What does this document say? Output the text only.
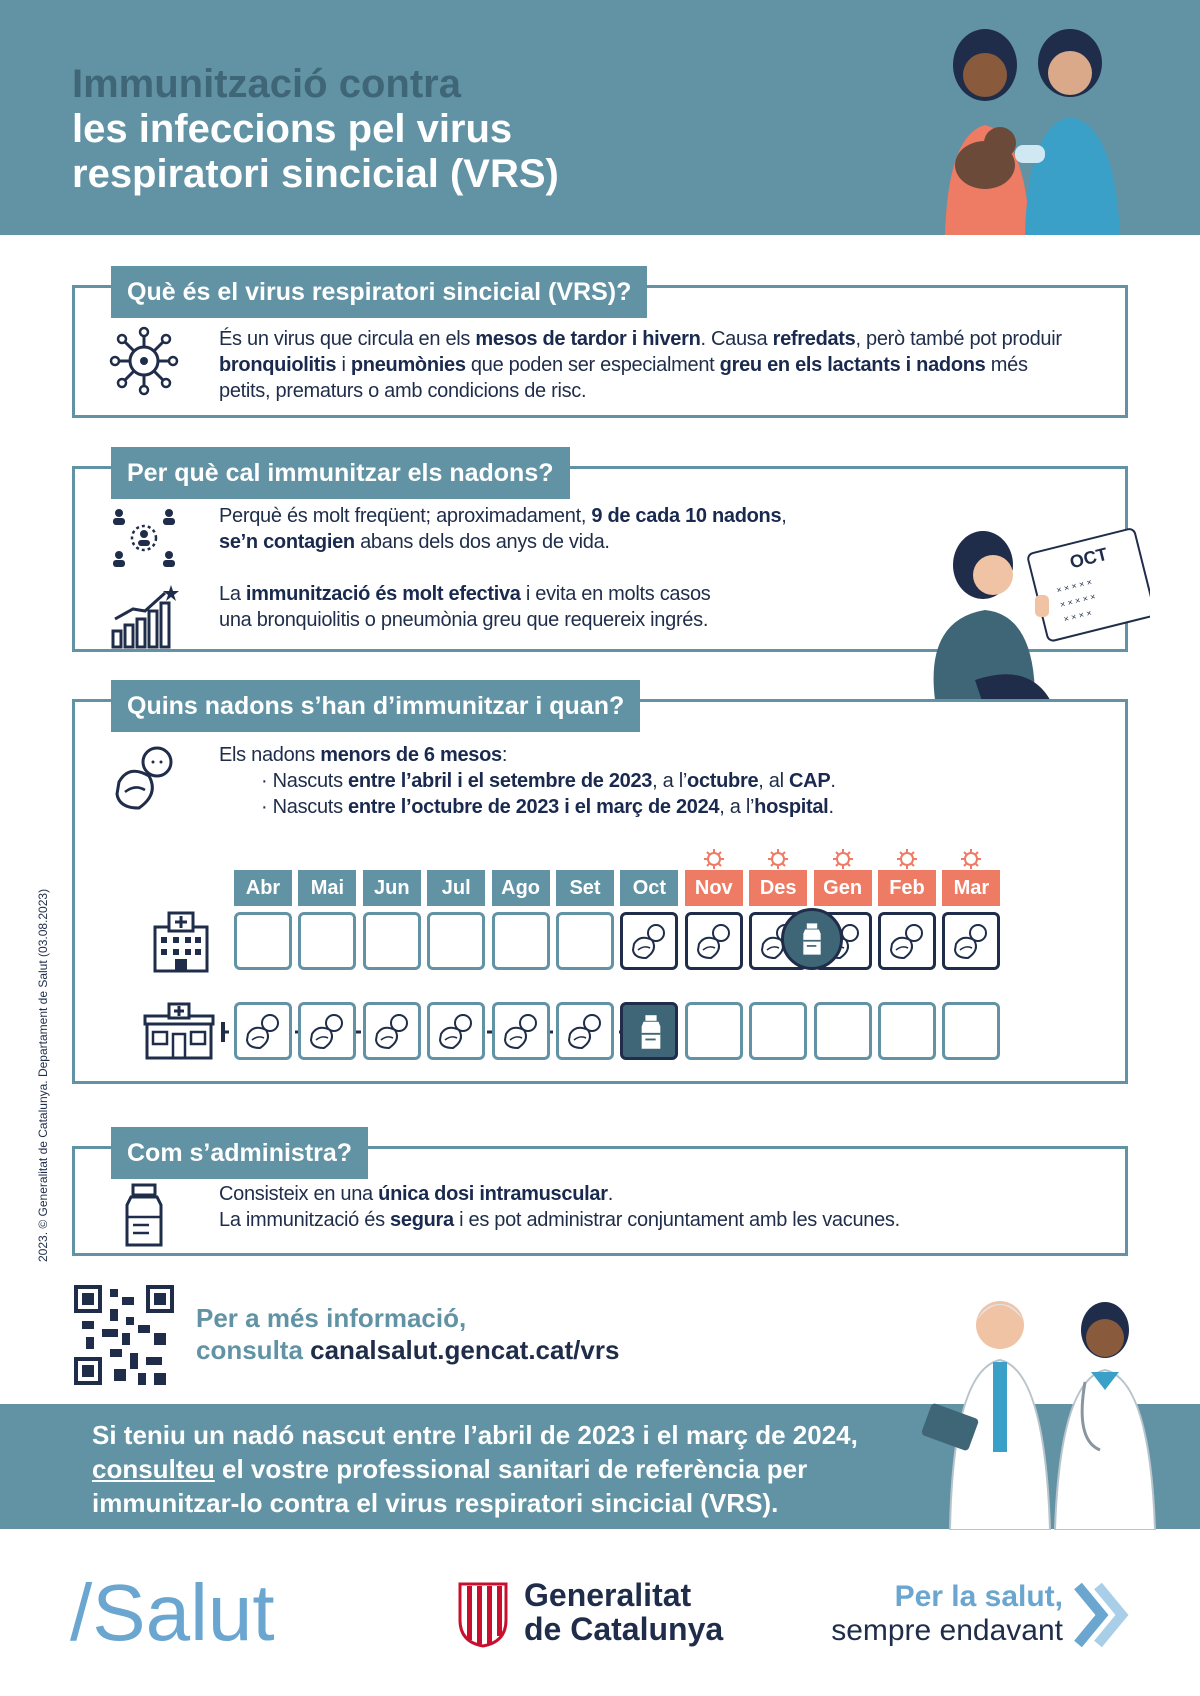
Immunització contra
les infeccions pel virus
respiratori sincicial (VRS)
Què és el virus respiratori sincicial (VRS)?
És un virus que circula en els mesos de tardor i hivern. Causa refredats, però també pot produir bronquiolitis i pneumònies que poden ser especialment greu en els lactants i nadons més petits, prematurs o amb condicions de risc.
Per què cal immunitzar els nadons?
Perquè és molt freqüent; aproximadament, 9 de cada 10 nadons,
se’n contagien abans dels dos anys de vida.
La immunització és molt efectiva i evita en molts casos
una bronquiolitis o pneumònia greu que requereix ingrés.
× × × × ×
× × × × ×
× × × ×
OCT
Quins nadons s’han d’immunitzar i quan?
Els nadons menors de 6 mesos:
· Nascuts entre l’abril i el setembre de 2023, a l’octubre, al CAP.
· Nascuts entre l’octubre de 2023 i el març de 2024, a l’hospital.
Abr	Mai	Jun	Jul	Ago	Set	Oct	Nov	Des	Gen	Feb	Mar
Com s’administra?
Consisteix en una única dosi intramuscular.
La immunització és segura i es pot administrar conjuntament amb les vacunes.
Per a més informació,
consulta canalsalut.gencat.cat/vrs
Si teniu un nadó nascut entre l’abril de 2023 i el març de 2024, consulteu el vostre professional sanitari de referència per immunitzar-lo contra el virus respiratori sincicial (VRS).
/Salut	Generalitat
de Catalunya
Per la salut,
sempre endavant
2023. © Generalitat de Catalunya. Departament de Salut (03.08.2023)
